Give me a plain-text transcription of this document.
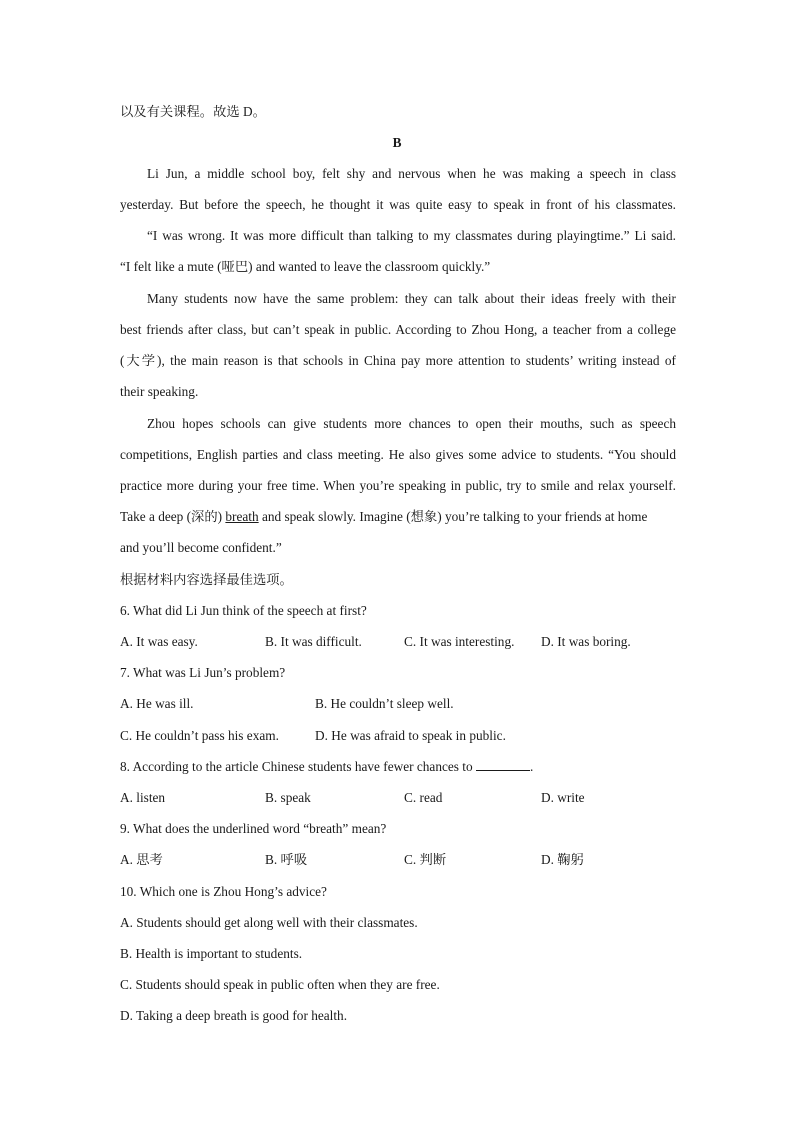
以及有关课程。故选 D。
B
Li Jun, a middle school boy, felt shy and nervous when he was making a speech in class
yesterday. But before the speech, he thought it was quite easy to speak in front of his classmates.
“I was wrong. It was more difficult than talking to my classmates during playingtime.” Li said.
“I felt like a mute (哑巴) and wanted to leave the classroom quickly.”
Many students now have the same problem: they can talk about their ideas freely with their
best friends after class, but can’t speak in public. According to Zhou Hong, a teacher from a college
(大学), the main reason is that schools in China pay more attention to students’ writing instead of
their speaking.
Zhou hopes schools can give students more chances to open their mouths, such as speech
competitions, English parties and class meeting. He also gives some advice to students. “You should
practice more during your free time. When you’re speaking in public, try to smile and relax yourself.
Take a deep (深的) breath and speak slowly. Imagine (想象) you’re talking to your friends at home
and you’ll become confident.”
根据材料内容选择最佳选项。
6. What did Li Jun think of the speech at first?
A. It was easy.	B. It was difficult.	C. It was interesting. D. It was boring.
7. What was Li Jun’s problem?
A. He was ill.	B. He couldn’t sleep well.
C. He couldn’t pass his exam.	D. He was afraid to speak in public.
8. According to the article Chinese students have fewer chances to	.
A. listen	B. speak	C. read	D. write
9. What does the underlined word “breath” mean?
A. 思考	B. 呼吸	C. 判断	D. 鞠躬
10. Which one is Zhou Hong’s advice?
A. Students should get along well with their classmates.
B. Health is important to students.
C. Students should speak in public often when they are free.
D. Taking a deep breath is good for health.
